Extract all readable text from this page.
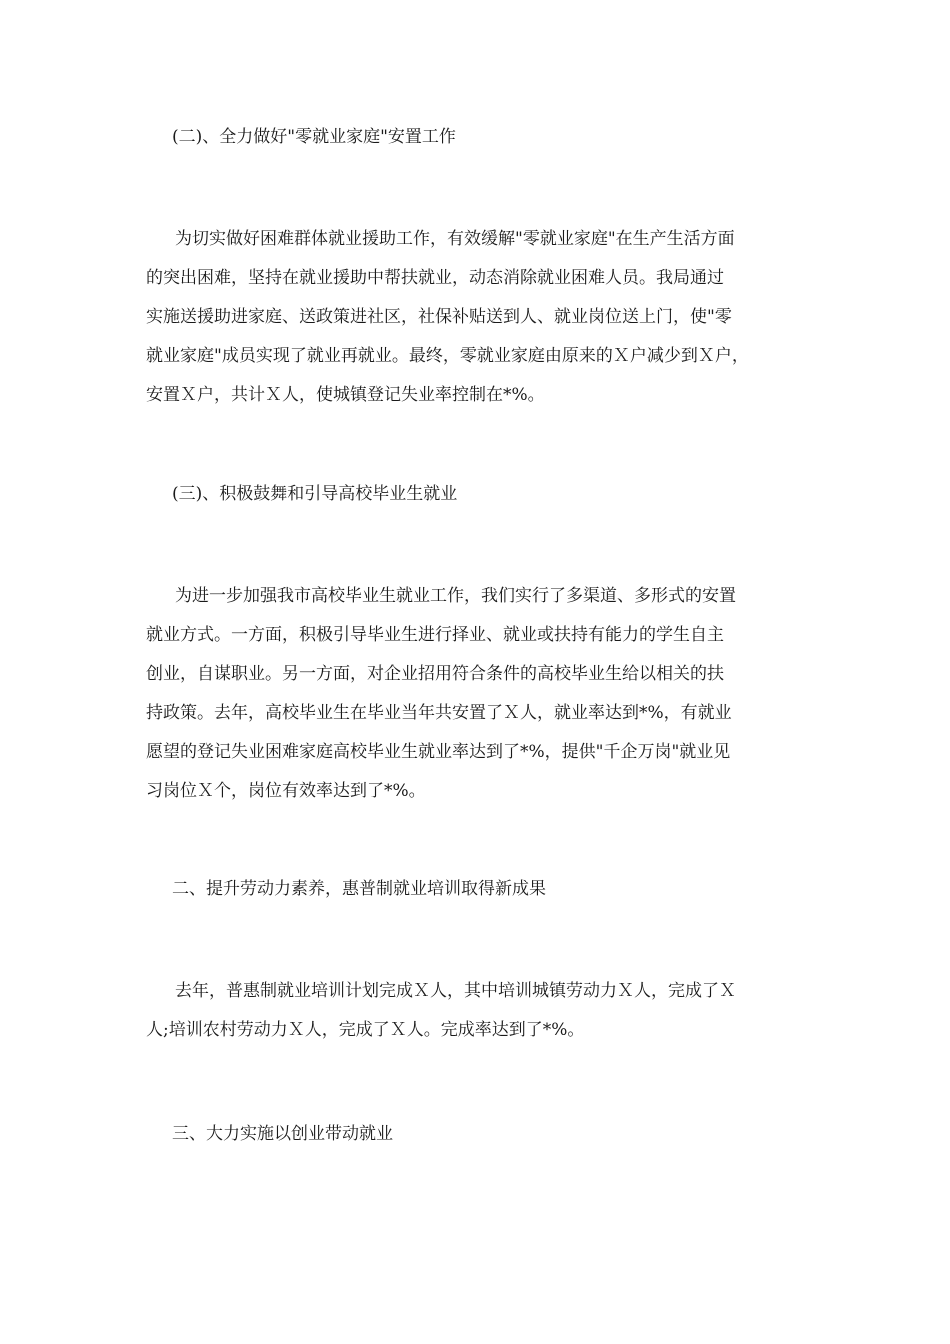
(二)、全力做好"零就业家庭"安置工作

为切实做好困难群体就业援助工作，有效缓解"零就业家庭"在生产生活方面
的突出困难，坚持在就业援助中帮扶就业，动态消除就业困难人员。我局通过
实施送援助进家庭、送政策进社区，社保补贴送到人、就业岗位送上门，使"零
就业家庭"成员实现了就业再就业。最终，零就业家庭由原来的Ｘ户减少到Ｘ户，
安置Ｘ户，共计Ｘ人，使城镇登记失业率控制在*%。

(三)、积极鼓舞和引导高校毕业生就业

为进一步加强我市高校毕业生就业工作，我们实行了多渠道、多形式的安置
就业方式。一方面，积极引导毕业生进行择业、就业或扶持有能力的学生自主
创业，自谋职业。另一方面，对企业招用符合条件的高校毕业生给以相关的扶
持政策。去年，高校毕业生在毕业当年共安置了Ｘ人，就业率达到*%，有就业
愿望的登记失业困难家庭高校毕业生就业率达到了*%，提供"千企万岗"就业见
习岗位Ｘ个，岗位有效率达到了*%。

二、提升劳动力素养，惠普制就业培训取得新成果

去年，普惠制就业培训计划完成Ｘ人，其中培训城镇劳动力Ｘ人，完成了Ｘ
人;培训农村劳动力Ｘ人，完成了Ｘ人。完成率达到了*%。

三、大力实施以创业带动就业
